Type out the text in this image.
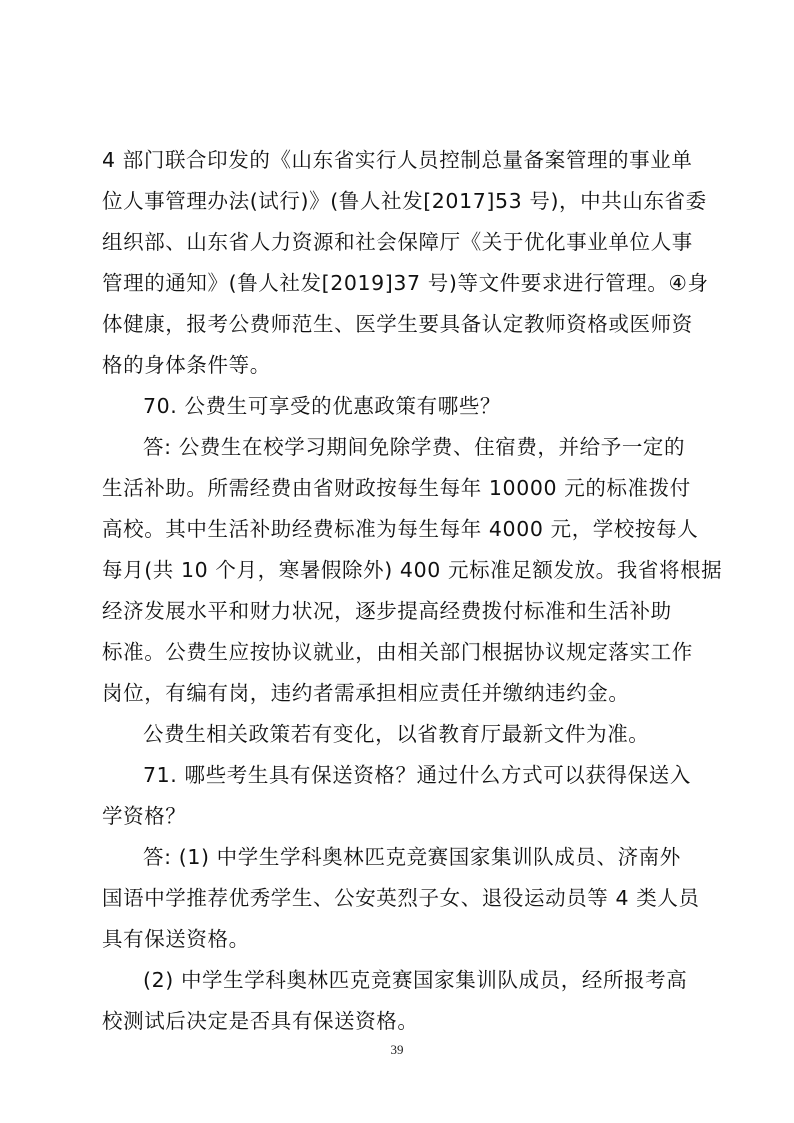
4 部门联合印发的《山东省实行人员控制总量备案管理的事业单
位人事管理办法(试行)》(鲁人社发[2017]53 号)，中共山东省委
组织部、山东省人力资源和社会保障厅《关于优化事业单位人事
管理的通知》(鲁人社发[2019]37 号)等文件要求进行管理。④身
体健康，报考公费师范生、医学生要具备认定教师资格或医师资
格的身体条件等。
70. 公费生可享受的优惠政策有哪些？
答: 公费生在校学习期间免除学费、住宿费，并给予一定的
生活补助。所需经费由省财政按每生每年 10000 元的标准拨付
高校。其中生活补助经费标准为每生每年 4000 元，学校按每人
每月(共 10 个月，寒暑假除外) 400 元标准足额发放。我省将根据
经济发展水平和财力状况，逐步提高经费拨付标准和生活补助
标准。公费生应按协议就业，由相关部门根据协议规定落实工作
岗位，有编有岗，违约者需承担相应责任并缴纳违约金。
公费生相关政策若有变化，以省教育厅最新文件为准。
71. 哪些考生具有保送资格？通过什么方式可以获得保送入
学资格？
答: (1) 中学生学科奥林匹克竞赛国家集训队成员、济南外
国语中学推荐优秀学生、公安英烈子女、退役运动员等 4 类人员
具有保送资格。
(2) 中学生学科奥林匹克竞赛国家集训队成员，经所报考高
校测试后决定是否具有保送资格。
39
